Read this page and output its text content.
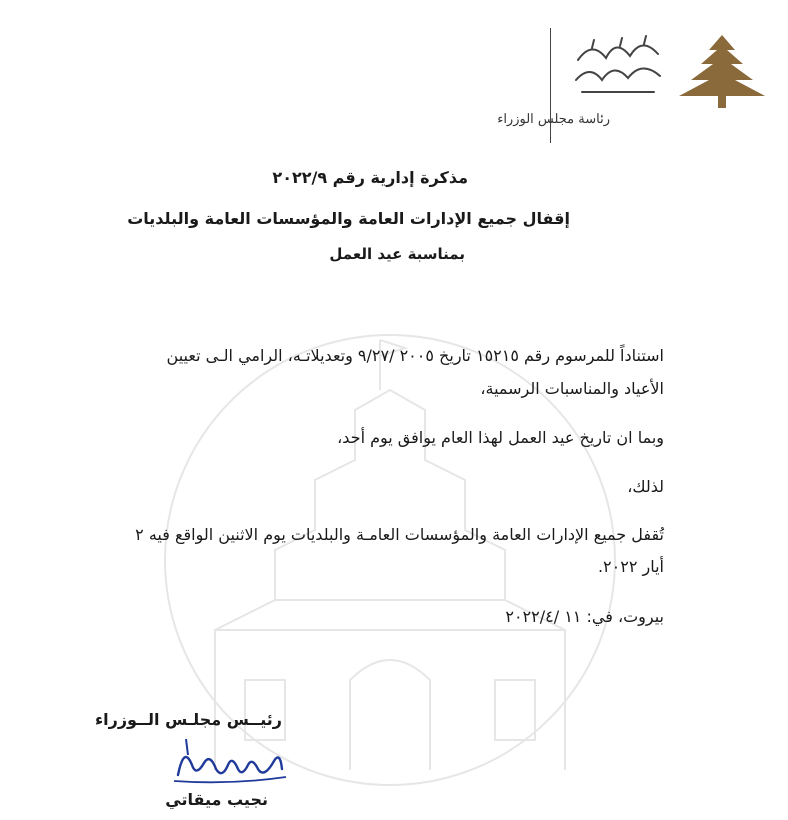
الجمهورية اللبنانية
رئاسة مجلس الوزراء
مذكرة إدارية رقم ٢٠٢٢/٩
إقفال جميع الإدارات العامة والمؤسسات العامة والبلديات
بمناسبة عيد العمل
استناداً للمرسوم رقم ١٥٢١٥ تاريخ ٢٠٠٥ /٩/٢٧ وتعديلاتـه، الرامي الـى تعيين
الأعياد والمناسبات الرسمية،
وبما ان تاريخ عيد العمل لهذا العام يوافق يوم أحد،
لذلك،
تُقفل جميع الإدارات العامة والمؤسسات العامـة والبلديات يوم الاثنين الواقع فيه ٢
أيار ٢٠٢٢.
بيروت، في: ١١ /٢٠٢٢/٤
رئيــس مجلـس الــوزراء
نجيب ميقاتي
